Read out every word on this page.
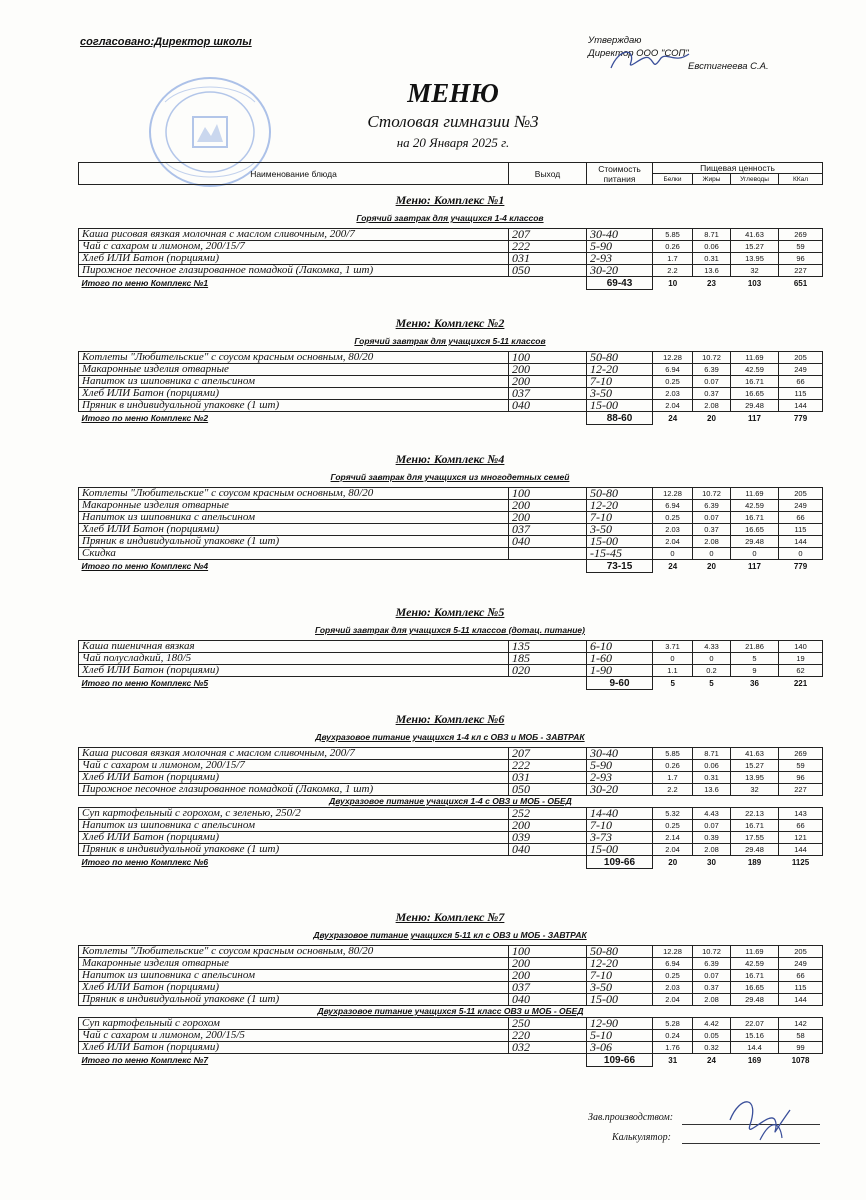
согласовано:Директор школы	Утверждаю
Директор ООО "СОП"

Евстигнеева С.А.
МЕНЮ
Столовая гимназии №3
на 20 Января 2025 г.
Наименование блюда	Выход	Стоимость питания	Пищевая ценность			
			Белки	Жиры	Углеводы	ККал
Меню: Комплекс №1
Горячий завтрак для учащихся 1-4 классов
Каша рисовая вязкая молочная с маслом сливочным, 200/7	207	30-40	5.85	8.71	41.63	269
Чай с сахаром и лимоном, 200/15/7	222	5-90	0.26	0.06	15.27	59
Хлеб ИЛИ Батон (порциями)	031	2-93	1.7	0.31	13.95	96
Пирожное песочное глазированное помадкой (Лакомка, 1 шт)	050	30-20	2.2	13.6	32	227
Итого по меню Комплекс №1		69-43	10	23	103	651
Меню: Комплекс №2
Горячий завтрак для учащихся 5-11 классов
Котлеты "Любительские" с соусом красным основным, 80/20	100	50-80	12.28	10.72	11.69	205
Макаронные изделия отварные	200	12-20	6.94	6.39	42.59	249
Напиток из шиповника с апельсином	200	7-10	0.25	0.07	16.71	66
Хлеб ИЛИ Батон (порциями)	037	3-50	2.03	0.37	16.65	115
Пряник в индивидуальной упаковке (1 шт)	040	15-00	2.04	2.08	29.48	144
Итого по меню Комплекс №2		88-60	24	20	117	779
Меню: Комплекс №4
Горячий завтрак для учащихся из многодетных семей
Котлеты "Любительские" с соусом красным основным, 80/20	100	50-80	12.28	10.72	11.69	205
Макаронные изделия отварные	200	12-20	6.94	6.39	42.59	249
Напиток из шиповника с апельсином	200	7-10	0.25	0.07	16.71	66
Хлеб ИЛИ Батон (порциями)	037	3-50	2.03	0.37	16.65	115
Пряник в индивидуальной упаковке (1 шт)	040	15-00	2.04	2.08	29.48	144
Скидка		-15-45	0	0	0	0
Итого по меню Комплекс №4		73-15	24	20	117	779
Меню: Комплекс №5
Горячий завтрак для учащихся 5-11 классов (дотац. питание)
Каша пшеничная вязкая	135	6-10	3.71	4.33	21.86	140
Чай полусладкий, 180/5	185	1-60	0	0	5	19
Хлеб ИЛИ Батон (порциями)	020	1-90	1.1	0.2	9	62
Итого по меню Комплекс №5		9-60	5	5	36	221
Меню: Комплекс №6
Двухразовое питание учащихся 1-4 кл с ОВЗ и МОБ - ЗАВТРАК
Каша рисовая вязкая молочная с маслом сливочным, 200/7	207	30-40	5.85	8.71	41.63	269
Чай с сахаром и лимоном, 200/15/7	222	5-90	0.26	0.06	15.27	59
Хлеб ИЛИ Батон (порциями)	031	2-93	1.7	0.31	13.95	96
Пирожное песочное глазированное помадкой (Лакомка, 1 шт)	050	30-20	2.2	13.6	32	227
Двухразовое питание учащихся 1-4 с ОВЗ и МОБ - ОБЕД						
Суп картофельный с горохом, с зеленью, 250/2	252	14-40	5.32	4.43	22.13	143
Напиток из шиповника с апельсином	200	7-10	0.25	0.07	16.71	66
Хлеб ИЛИ Батон (порциями)	039	3-73	2.14	0.39	17.55	121
Пряник в индивидуальной упаковке (1 шт)	040	15-00	2.04	2.08	29.48	144
Итого по меню Комплекс №6		109-66	20	30	189	1125
Меню: Комплекс №7
Двухразовое питание учащихся 5-11 кл с ОВЗ и МОБ - ЗАВТРАК
Котлеты "Любительские" с соусом красным основным, 80/20	100	50-80	12.28	10.72	11.69	205
Макаронные изделия отварные	200	12-20	6.94	6.39	42.59	249
Напиток из шиповника с апельсином	200	7-10	0.25	0.07	16.71	66
Хлеб ИЛИ Батон (порциями)	037	3-50	2.03	0.37	16.65	115
Пряник в индивидуальной упаковке (1 шт)	040	15-00	2.04	2.08	29.48	144
Двухразовое питание учащихся 5-11 класс ОВЗ и МОБ - ОБЕД						
Суп картофельный с горохом	250	12-90	5.28	4.42	22.07	142
Чай с сахаром и лимоном, 200/15/5	220	5-10	0.24	0.05	15.16	58
Хлеб ИЛИ Батон (порциями)	032	3-06	1.76	0.32	14.4	99
Итого по меню Комплекс №7		109-66	31	24	169	1078
Зав.производством:
Калькулятор:
